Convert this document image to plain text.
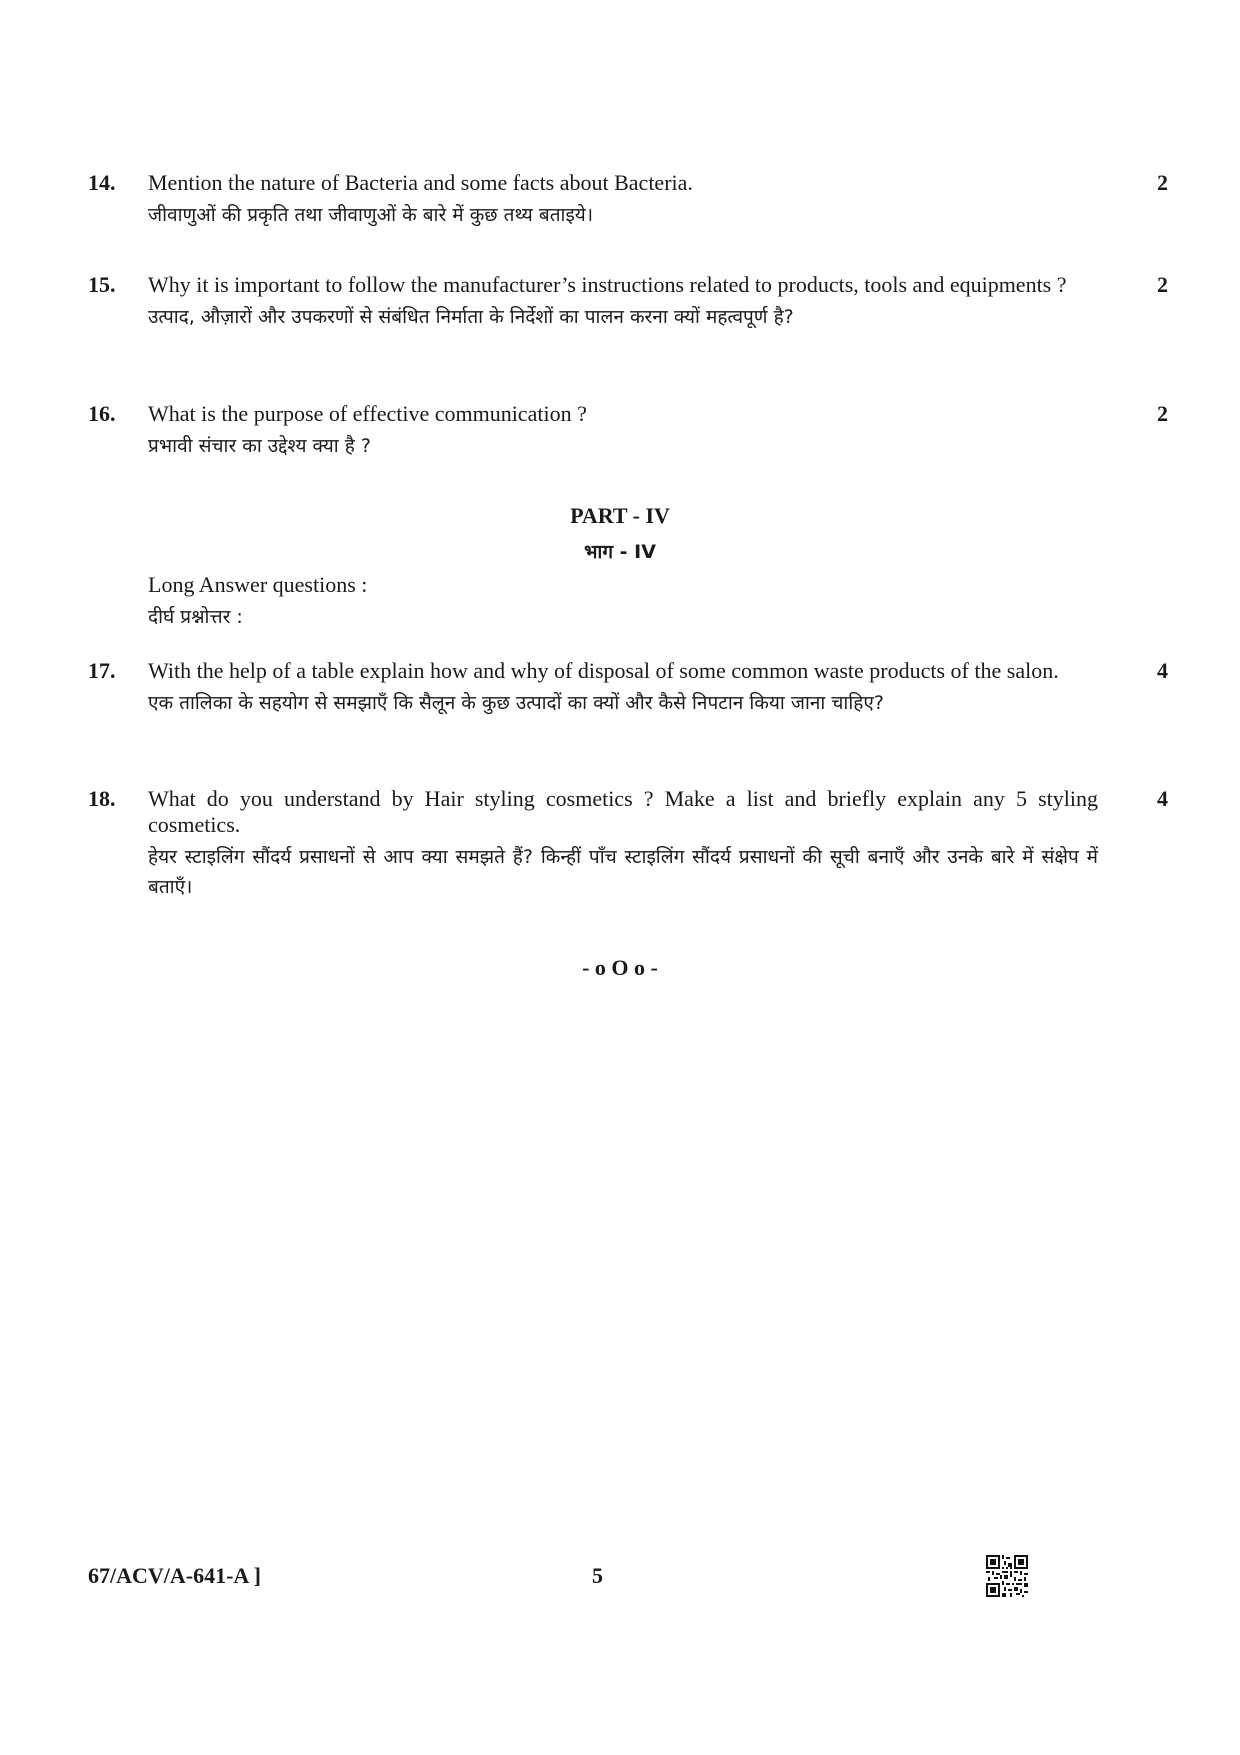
14. Mention the nature of Bacteria and some facts about Bacteria.

जीवाणुओं की प्रकृति तथा जीवाणुओं के बारे में कुछ तथ्य बताइये।

2
15. Why it is important to follow the manufacturer’s instructions related to products, tools and equipments ?

उत्पाद, औज़ारों और उपकरणों से संबंधित निर्माता के निर्देशों का पालन करना क्यों महत्वपूर्ण है?

2
16. What is the purpose of effective communication ?

प्रभावी संचार का उद्देश्य क्या है ?

2
PART - IV
भाग - IV

Long Answer questions :

दीर्घ प्रश्नोत्तर :

17. With the help of a table explain how and why of disposal of some common waste products of the salon.

एक तालिका के सहयोग से समझाएँ कि सैलून के कुछ उत्पादों का क्यों और कैसे निपटान किया जाना चाहिए?

4
18. What do you understand by Hair styling cosmetics ? Make a list and briefly explain any 5 styling cosmetics.

हेयर स्टाइलिंग सौंदर्य प्रसाधनों से आप क्या समझते हैं? किन्हीं पाँच स्टाइलिंग सौंदर्य प्रसाधनों की सूची बनाएँ और उनके बारे में संक्षेप में बताएँ।

4
- o O o -
67/ACV/A-641-A ]	5
